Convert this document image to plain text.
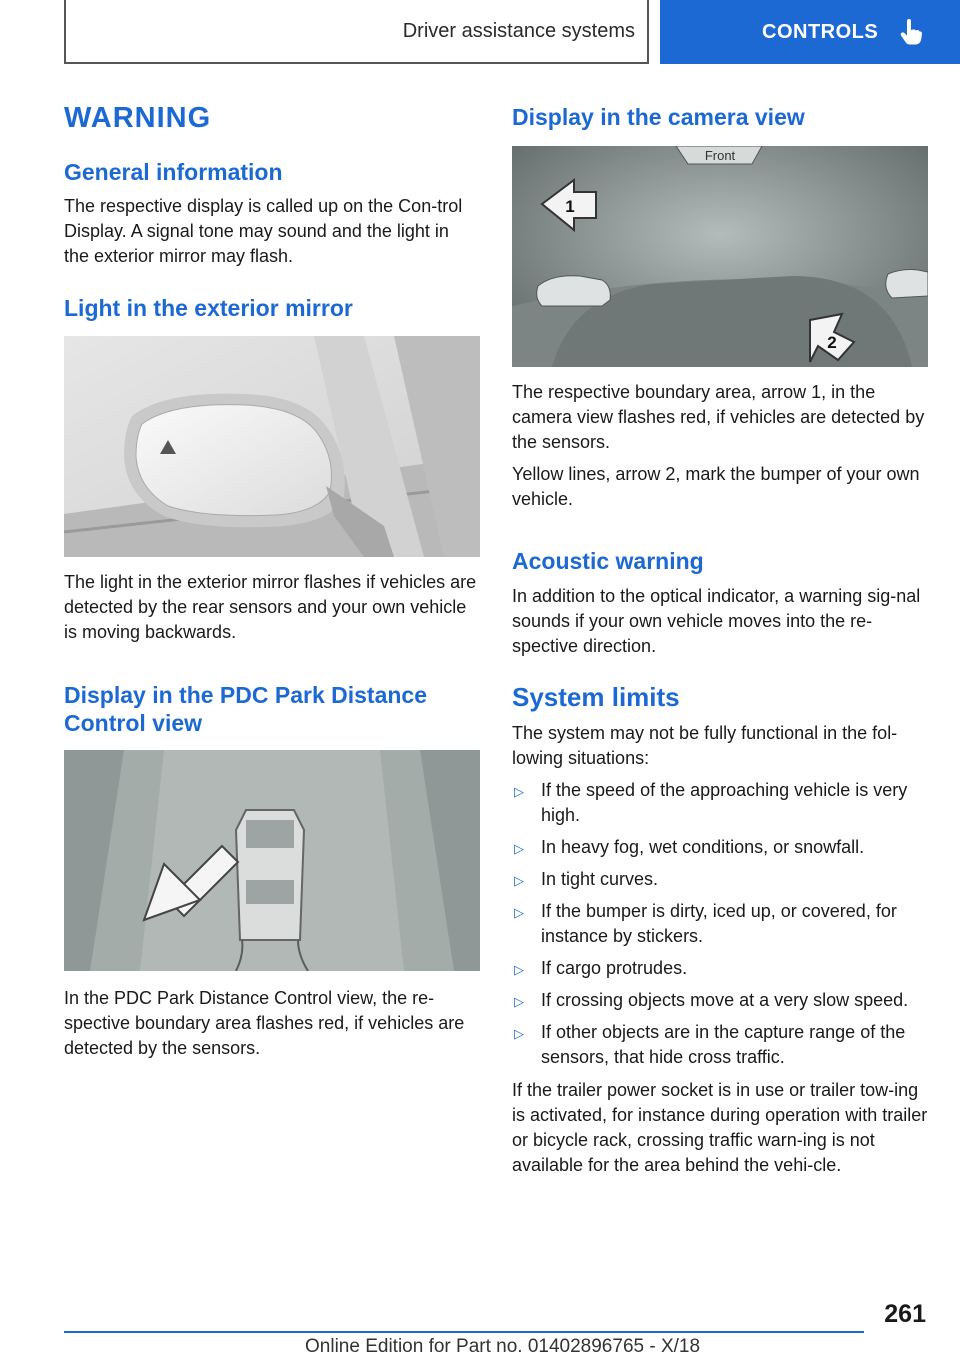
Driver assistance systems	CONTROLS
WARNING
General information

The respective display is called up on the Con-trol Display. A signal tone may sound and the light in the exterior mirror may flash.

Light in the exterior mirror

The light in the exterior mirror flashes if vehicles are detected by the rear sensors and your own vehicle is moving backwards.

Display in the PDC Park Distance Control view

In the PDC Park Distance Control view, the re-spective boundary area flashes red, if vehicles are detected by the sensors.

Display in the camera view
Front
1
2

The respective boundary area, arrow 1, in the camera view flashes red, if vehicles are detected by the sensors.

Yellow lines, arrow 2, mark the bumper of your own vehicle.

Acoustic warning

In addition to the optical indicator, a warning sig-nal sounds if your own vehicle moves into the re-spective direction.

System limits

The system may not be fully functional in the fol-lowing situations:

▷ If the speed of the approaching vehicle is very high.
▷ In heavy fog, wet conditions, or snowfall.
▷ In tight curves.
▷ If the bumper is dirty, iced up, or covered, for instance by stickers.
▷ If cargo protrudes.
▷ If crossing objects move at a very slow speed.
▷ If other objects are in the capture range of the sensors, that hide cross traffic.

If the trailer power socket is in use or trailer tow-ing is activated, for instance during operation with trailer or bicycle rack, crossing traffic warn-ing is not available for the area behind the vehi-cle.

261
Online Edition for Part no. 01402896765 - X/18
